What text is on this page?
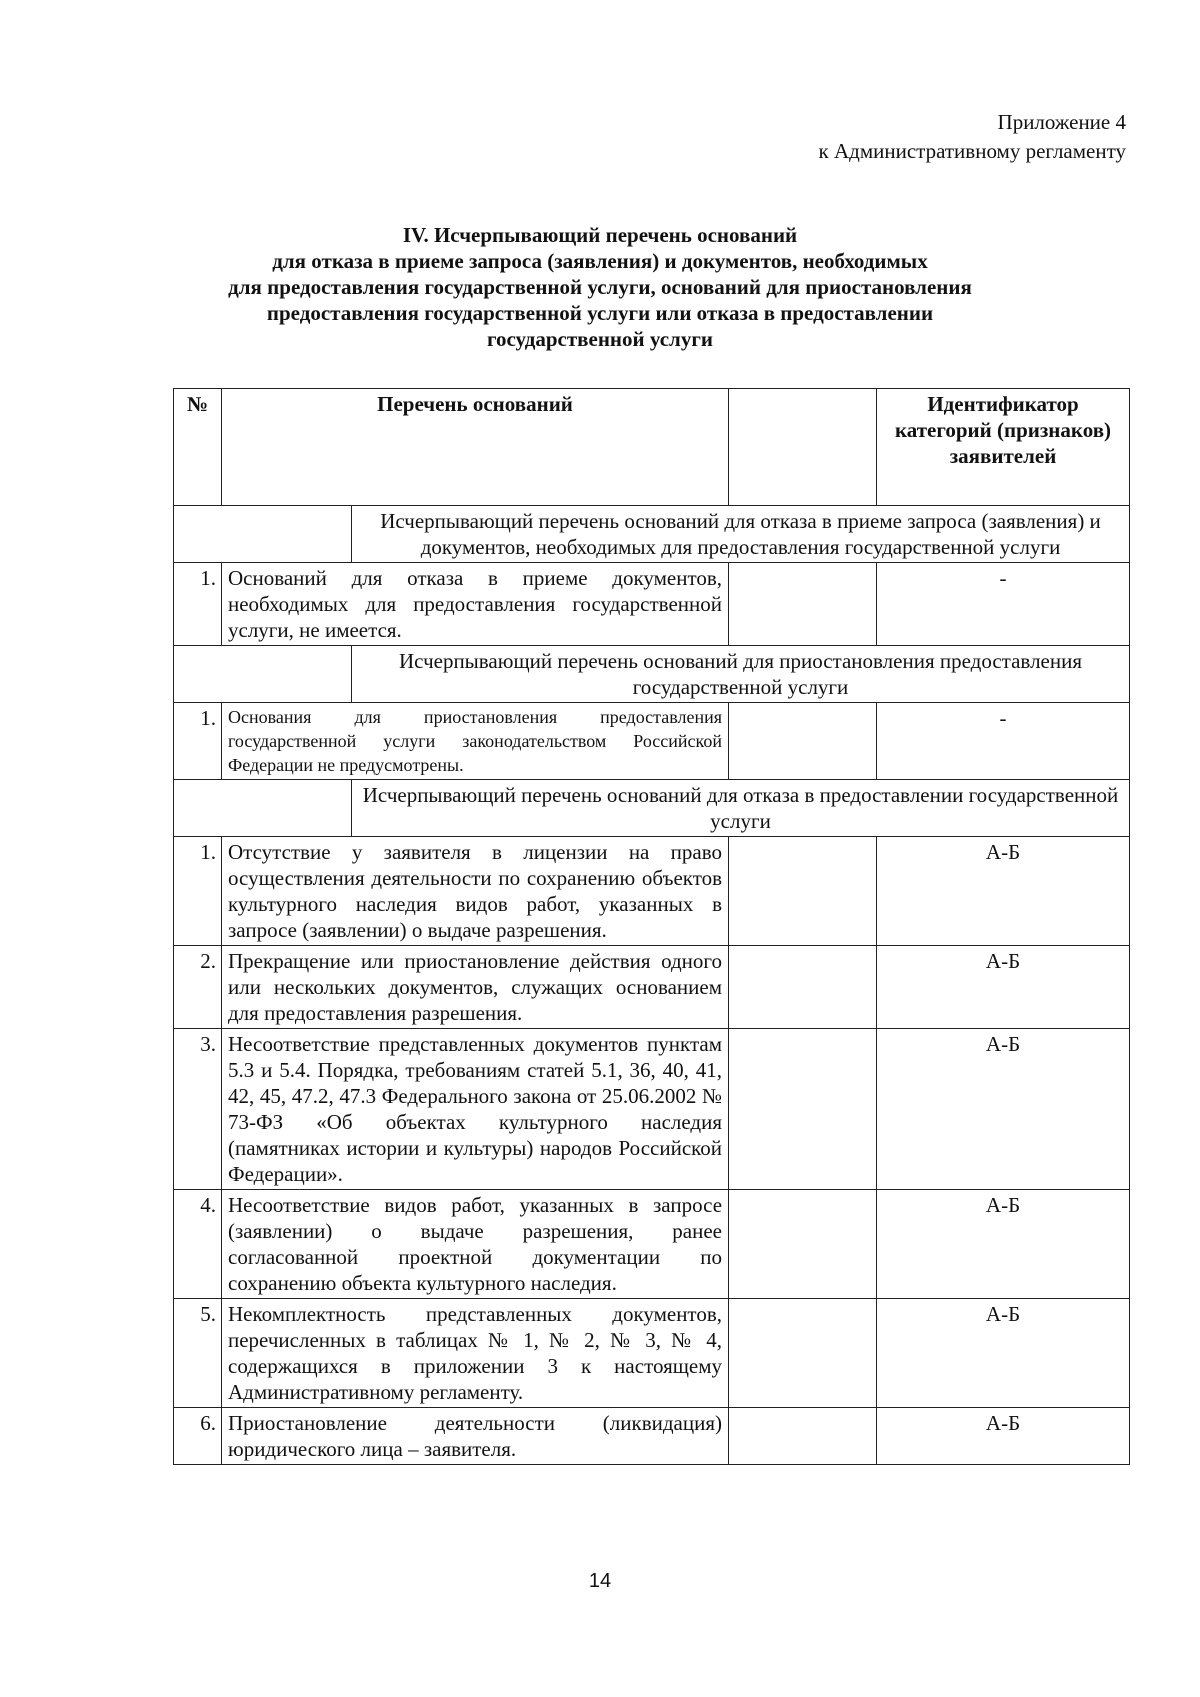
Приложение 4
к Административному регламенту
IV. Исчерпывающий перечень оснований
для отказа в приеме запроса (заявления) и документов, необходимых
для предоставления государственной услуги, оснований для приостановления
предоставления государственной услуги или отказа в предоставлении
государственной услуги
№	Перечень оснований			Идентификатор категорий (признаков) заявителей
		Исчерпывающий перечень оснований для отказа в приеме запроса (заявления) и документов, необходимых для предоставления государственной услуги		
1.	Оснований для отказа в приеме документов, необходимых для предоставления государственной услуги, не имеется.			-
		Исчерпывающий перечень оснований для приостановления предоставления государственной услуги		
1.	Основания для приостановления предоставления государственной услуги законодательством Российской Федерации не предусмотрены.			-
		Исчерпывающий перечень оснований для отказа в предоставлении государственной услуги		
1.	Отсутствие у заявителя в лицензии на право осуществления деятельности по сохранению объектов культурного наследия видов работ, указанных в запросе (заявлении) о выдаче разрешения.			А-Б
2.	Прекращение или приостановление действия одного или нескольких документов, служащих основанием для предоставления разрешения.			А-Б
3.	Несоответствие представленных документов пунктам 5.3 и 5.4. Порядка, требованиям статей 5.1, 36, 40, 41, 42, 45, 47.2, 47.3 Федерального закона от 25.06.2002 № 73-ФЗ «Об объектах культурного наследия (памятниках истории и культуры) народов Российской Федерации».			А-Б
4.	Несоответствие видов работ, указанных в запросе (заявлении) о выдаче разрешения, ранее согласованной проектной документации по сохранению объекта культурного наследия.			А-Б
5.	Некомплектность представленных документов, перечисленных в таблицах № 1, № 2, № 3, № 4, содержащихся в приложении 3 к настоящему Административному регламенту.			А-Б
6.	Приостановление деятельности (ликвидация) юридического лица – заявителя.			А-Б
14
